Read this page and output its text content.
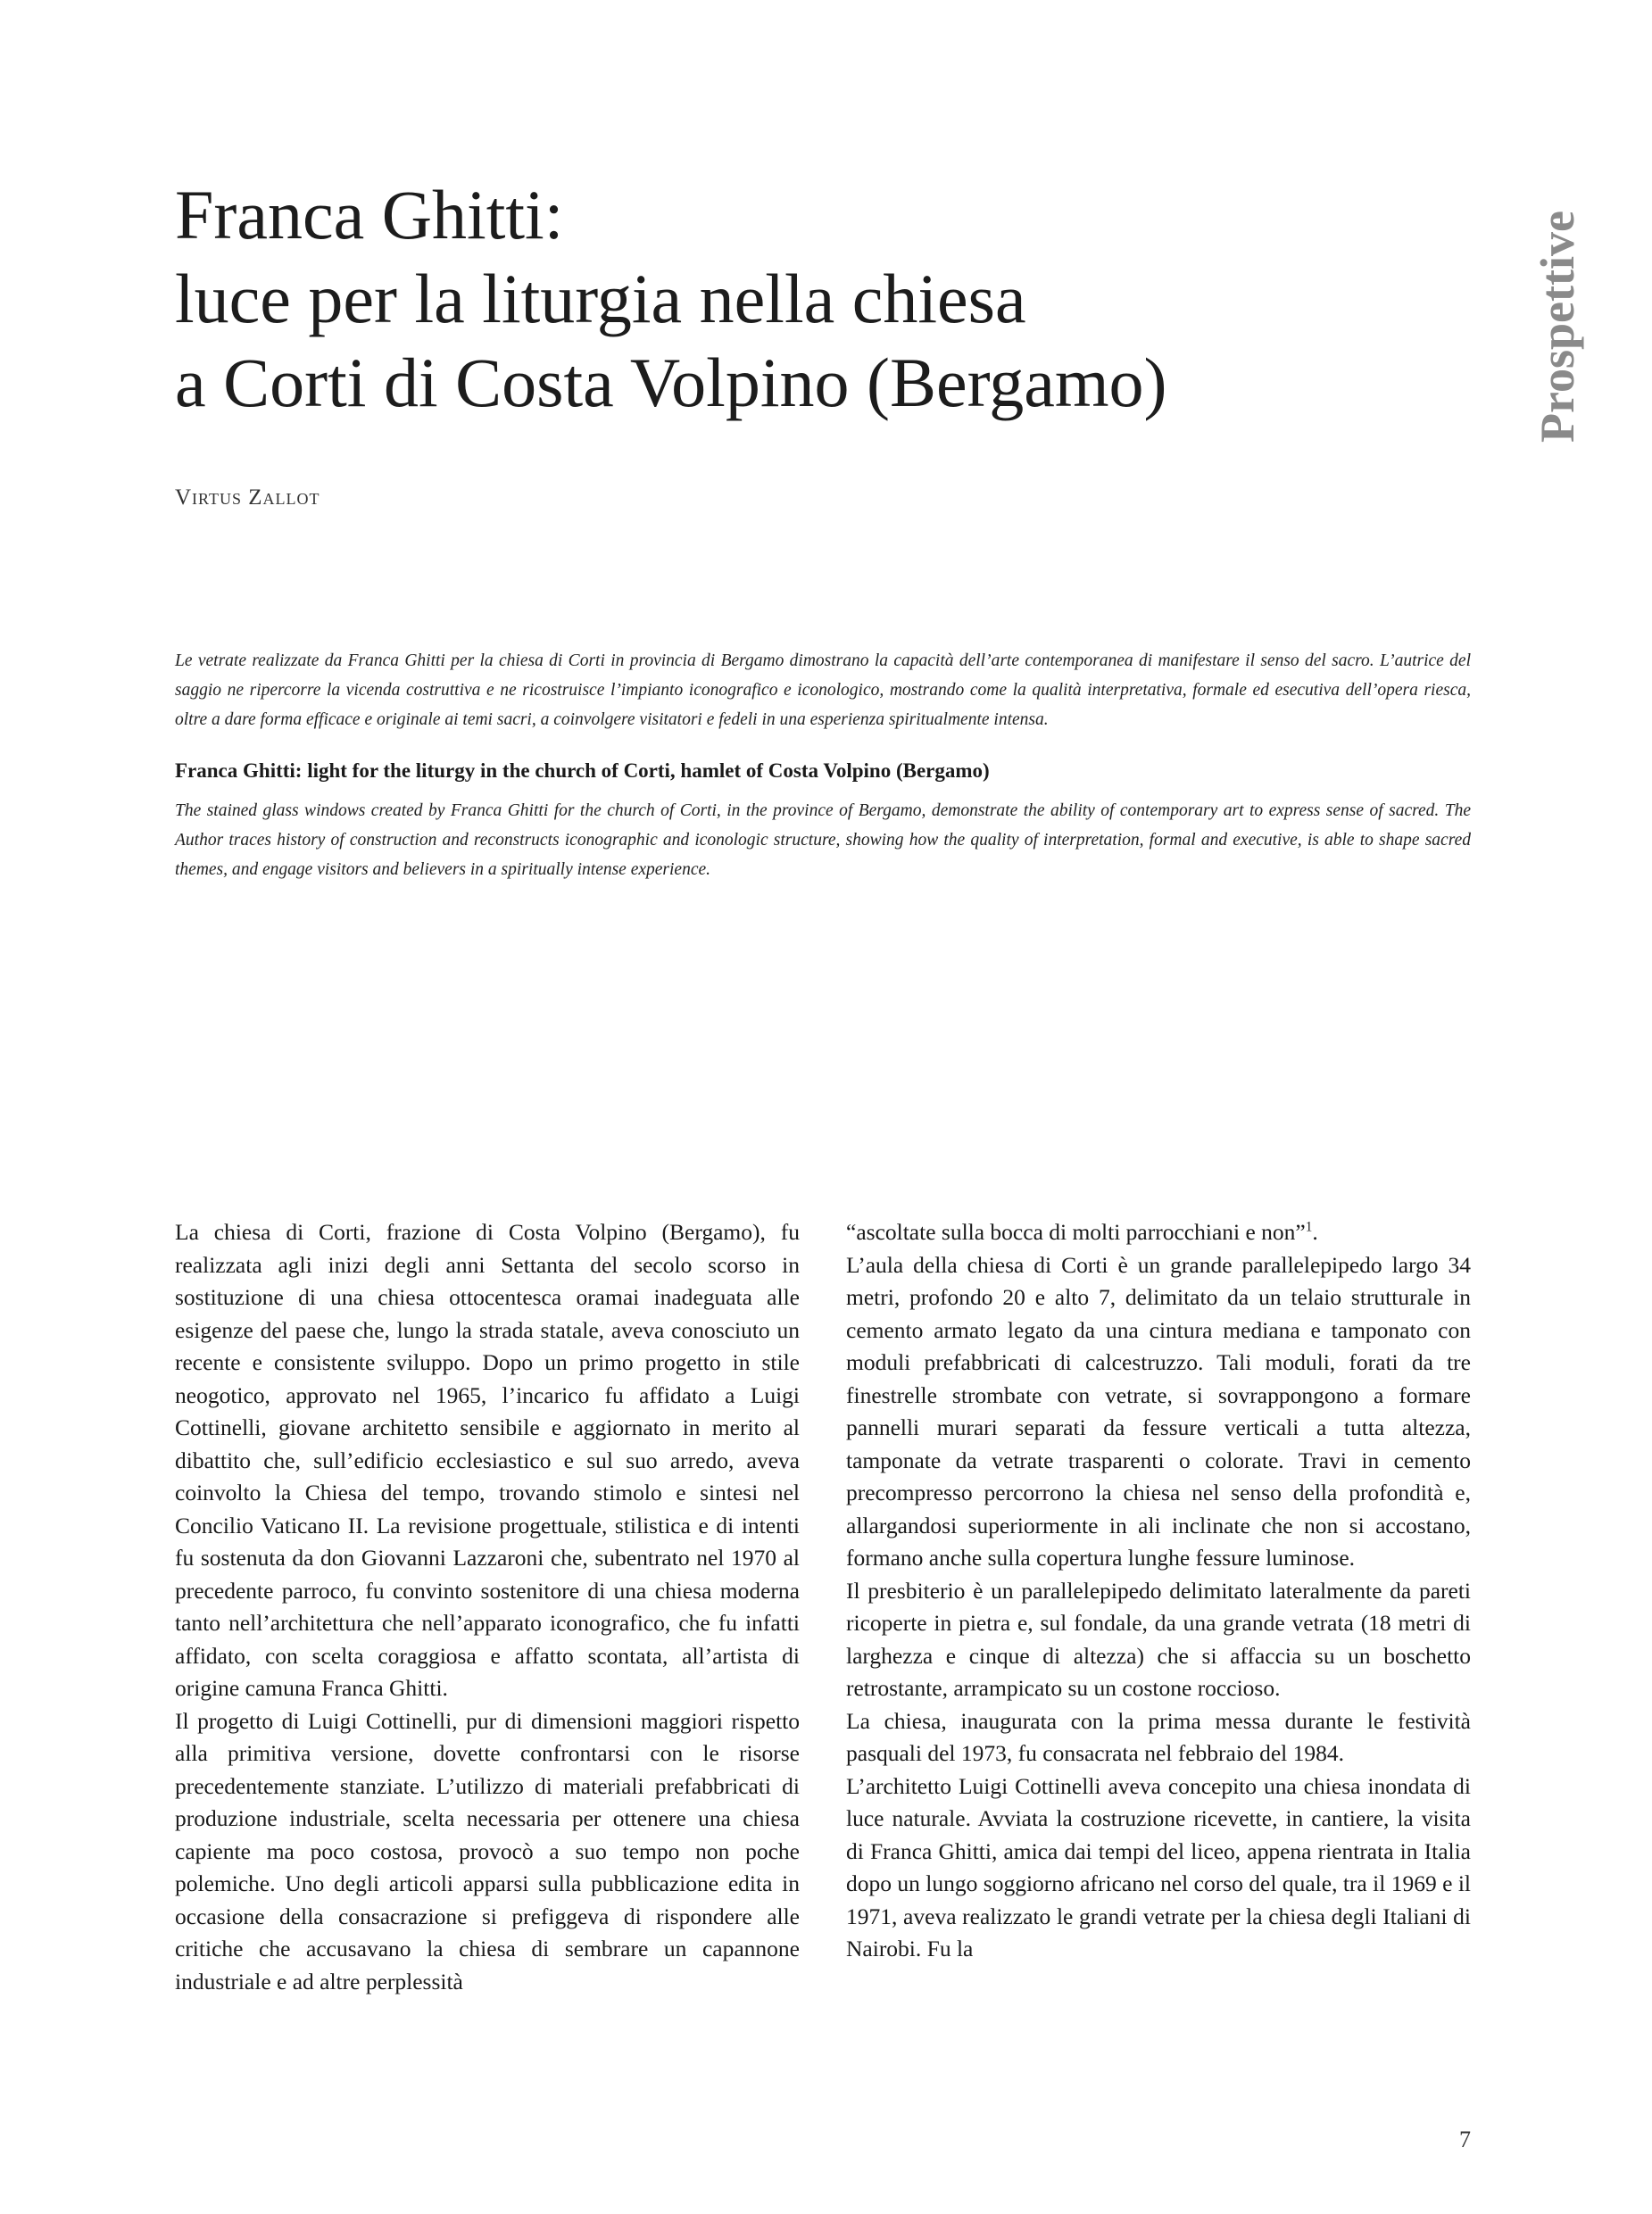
Franca Ghitti:
luce per la liturgia nella chiesa
a Corti di Costa Volpino (Bergamo)
Virtus Zallot
Prospettive

Le vetrate realizzate da Franca Ghitti per la chiesa di Corti in provincia di Bergamo dimostrano la capacità dell’arte contemporanea di manifestare il senso del sacro. L’autrice del saggio ne ripercorre la vicenda costruttiva e ne ricostruisce l’impianto iconografico e iconologico, mostrando come la qualità interpretativa, formale ed esecutiva dell’opera riesca, oltre a dare forma efficace e originale ai temi sacri, a coinvolgere visitatori e fedeli in una esperienza spiritualmente intensa.

Franca Ghitti: light for the liturgy in the church of Corti, hamlet of Costa Volpino (Bergamo)

The stained glass windows created by Franca Ghitti for the church of Corti, in the province of Bergamo, demonstrate the ability of contemporary art to express sense of sacred. The Author traces history of construction and reconstructs iconographic and iconologic structure, showing how the quality of interpretation, formal and executive, is able to shape sacred themes, and engage visitors and believers in a spiritually intense experience.

La chiesa di Corti, frazione di Costa Volpino (Bergamo), fu realizzata agli inizi degli anni Settanta del secolo scorso in sostituzione di una chiesa ottocentesca oramai inadeguata alle esigenze del paese che, lungo la strada statale, aveva conosciuto un recente e consistente sviluppo. Dopo un primo progetto in stile neogotico, approvato nel 1965, l’incarico fu affidato a Luigi Cottinelli, giovane architetto sensibile e aggiornato in merito al dibattito che, sull’edificio ecclesiastico e sul suo arredo, aveva coinvolto la Chiesa del tempo, trovando stimolo e sintesi nel Concilio Vaticano II. La revisione progettuale, stilistica e di intenti fu sostenuta da don Giovanni Lazzaroni che, subentrato nel 1970 al precedente parroco, fu convinto sostenitore di una chiesa moderna tanto nell’architettura che nell’apparato iconografico, che fu infatti affidato, con scelta coraggiosa e affatto scontata, all’artista di origine camuna Franca Ghitti.

Il progetto di Luigi Cottinelli, pur di dimensioni maggiori rispetto alla primitiva versione, dovette confrontarsi con le risorse precedentemente stanziate. L’utilizzo di materiali prefabbricati di produzione industriale, scelta necessaria per ottenere una chiesa capiente ma poco costosa, provocò a suo tempo non poche polemiche. Uno degli articoli apparsi sulla pubblicazione edita in occasione della consacrazione si prefiggeva di rispondere alle critiche che accusavano la chiesa di sembrare un capannone industriale e ad altre perplessità

“ascoltate sulla bocca di molti parrocchiani e non”$^1$.

L’aula della chiesa di Corti è un grande parallelepipedo largo 34 metri, profondo 20 e alto 7, delimitato da un telaio strutturale in cemento armato legato da una cintura mediana e tamponato con moduli prefabbricati di calcestruzzo. Tali moduli, forati da tre finestrelle strombate con vetrate, si sovrappongono a formare pannelli murari separati da fessure verticali a tutta altezza, tamponate da vetrate trasparenti o colorate. Travi in cemento precompresso percorrono la chiesa nel senso della profondità e, allargandosi superiormente in ali inclinate che non si accostano, formano anche sulla copertura lunghe fessure luminose.

Il presbiterio è un parallelepipedo delimitato lateralmente da pareti ricoperte in pietra e, sul fondale, da una grande vetrata (18 metri di larghezza e cinque di altezza) che si affaccia su un boschetto retrostante, arrampicato su un costone roccioso.

La chiesa, inaugurata con la prima messa durante le festività pasquali del 1973, fu consacrata nel febbraio del 1984.

L’architetto Luigi Cottinelli aveva concepito una chiesa inondata di luce naturale. Avviata la costruzione ricevette, in cantiere, la visita di Franca Ghitti, amica dai tempi del liceo, appena rientrata in Italia dopo un lungo soggiorno africano nel corso del quale, tra il 1969 e il 1971, aveva realizzato le grandi vetrate per la chiesa degli Italiani di Nairobi. Fu la

7
